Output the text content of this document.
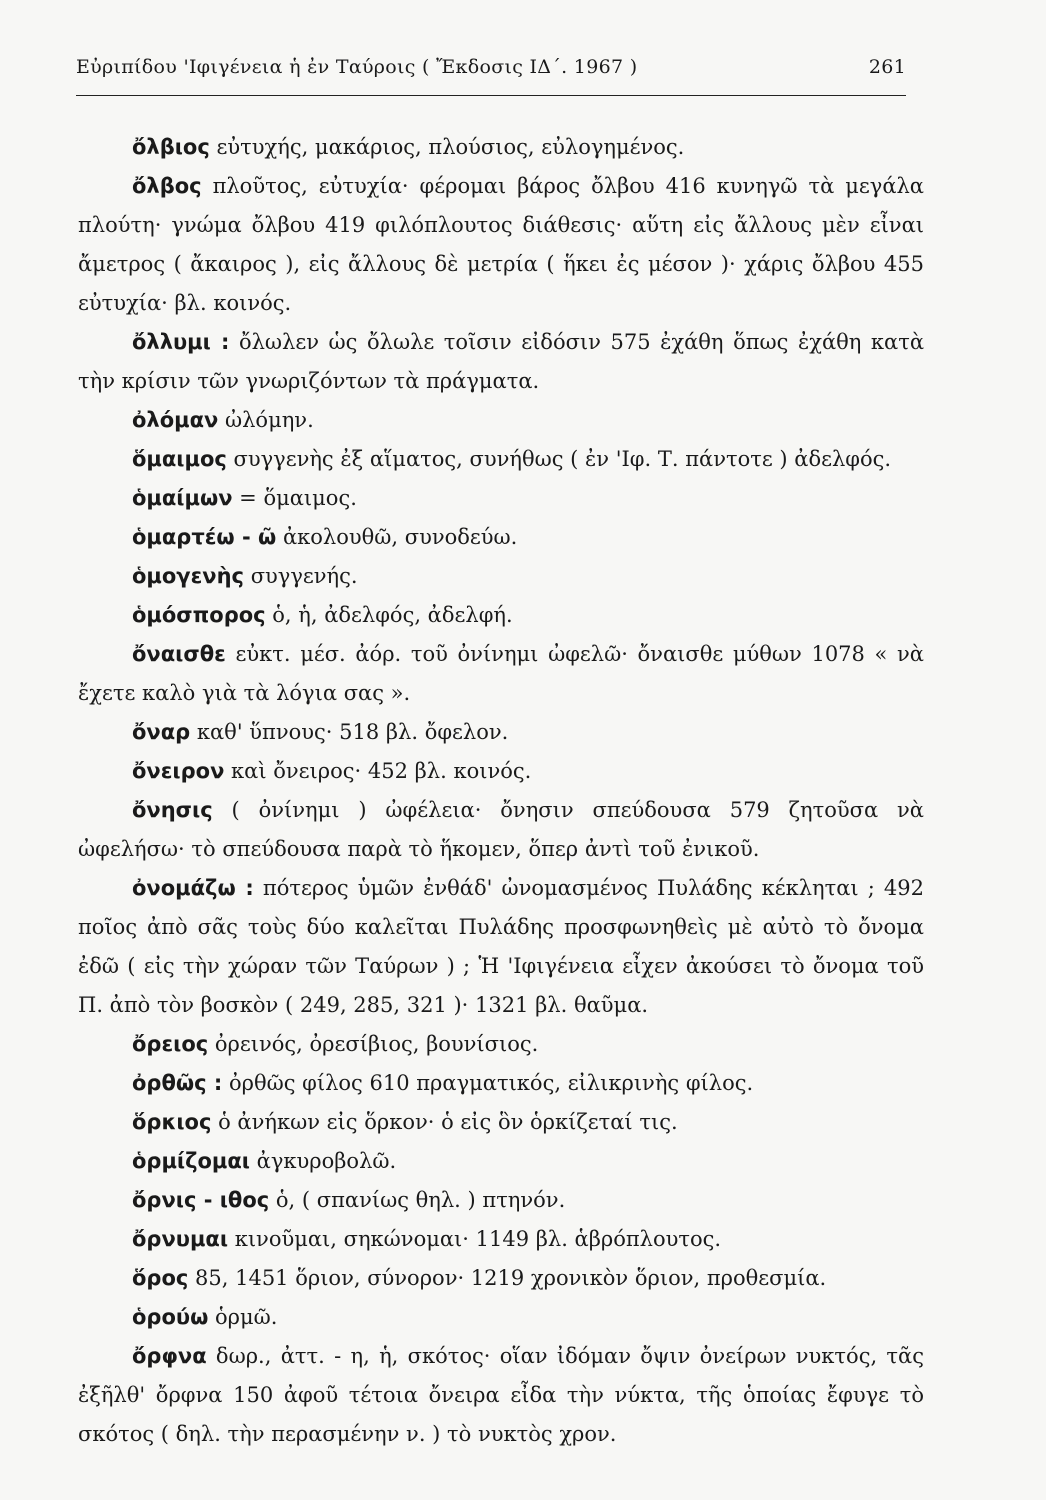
Εὐριπίδου 'Ιφιγένεια ἡ ἐν Ταύροις ( Ἔκδοσις ΙΔ΄. 1967 )	261

ὄλβιος εὐτυχής, μακάριος, πλούσιος, εὐλογημένος.

ὄλβος πλοῦτος, εὐτυχία· φέρομαι βάρος ὄλβου 416 κυνηγῶ τὰ μεγάλα πλούτη· γνώμα ὄλβου 419 φιλόπλουτος διάθεσις· αὕτη εἰς ἄλλους μὲν εἶναι ἄμετρος ( ἄκαιρος ), εἰς ἄλλους δὲ μετρία ( ἥκει ἐς μέσον )· χάρις ὄλβου 455 εὐτυχία· βλ. κοινός.

ὄλλυμι : ὄλωλεν ὡς ὄλωλε τοῖσιν εἰδόσιν 575 ἐχάθη ὅπως ἐχάθη κατὰ τὴν κρίσιν τῶν γνωριζόντων τὰ πράγματα.

ὀλόμαν ὠλόμην.

ὅμαιμος συγγενὴς ἐξ αἵματος, συνήθως ( ἐν 'Ιφ. Τ. πάντοτε ) ἀδελφός.

ὁμαίμων = ὅμαιμος.

ὁμαρτέω - ῶ ἀκολουθῶ, συνοδεύω.

ὁμογενὴς συγγενής.

ὁμόσπορος ὁ, ἡ, ἀδελφός, ἀδελφή.

ὄναισθε εὐκτ. μέσ. ἀόρ. τοῦ ὀνίνημι ὠφελῶ· ὄναισθε μύθων 1078 « νὰ ἔχετε καλὸ γιὰ τὰ λόγια σας ».

ὄναρ καθ' ὕπνους· 518 βλ. ὄφελον.

ὄνειρον καὶ ὄνειρος· 452 βλ. κοινός.

ὄνησις ( ὀνίνημι ) ὠφέλεια· ὄνησιν σπεύδουσα 579 ζητοῦσα νὰ ὠφελήσω· τὸ σπεύδουσα παρὰ τὸ ἥκομεν, ὅπερ ἀντὶ τοῦ ἐνικοῦ.

ὀνομάζω : πότερος ὑμῶν ἐνθάδ' ὠνομασμένος Πυλάδης κέκληται ; 492 ποῖος ἀπὸ σᾶς τοὺς δύο καλεῖται Πυλάδης προσφωνηθεὶς μὲ αὐτὸ τὸ ὄνομα ἐδῶ ( εἰς τὴν χώραν τῶν Ταύρων ) ; Ἡ 'Ιφιγένεια εἶχεν ἀκούσει τὸ ὄνομα τοῦ Π. ἀπὸ τὸν βοσκὸν ( 249, 285, 321 )· 1321 βλ. θαῦμα.

ὄρειος ὀρεινός, ὀρεσίβιος, βουνίσιος.

ὀρθῶς : ὀρθῶς φίλος 610 πραγματικός, εἰλικρινὴς φίλος.

ὅρκιος ὁ ἀνήκων εἰς ὅρκον· ὁ εἰς ὃν ὁρκίζεταί τις.

ὁρμίζομαι ἀγκυροβολῶ.

ὄρνις - ιθος ὁ, ( σπανίως θηλ. ) πτηνόν.

ὄρνυμαι κινοῦμαι, σηκώνομαι· 1149 βλ. ἁβρόπλουτος.

ὅρος 85, 1451 ὅριον, σύνορον· 1219 χρονικὸν ὅριον, προθεσμία.

ὁρούω ὁρμῶ.

ὄρφνα δωρ., ἀττ. - η, ἡ, σκότος· οἵαν ἰδόμαν ὄψιν ὀνείρων νυκτός, τᾶς ἐξῆλθ' ὄρφνα 150 ἀφοῦ τέτοια ὄνειρα εἶδα τὴν νύκτα, τῆς ὁποίας ἔφυγε τὸ σκότος ( δηλ. τὴν περασμένην ν. ) τὸ νυκτὸς χρον.
